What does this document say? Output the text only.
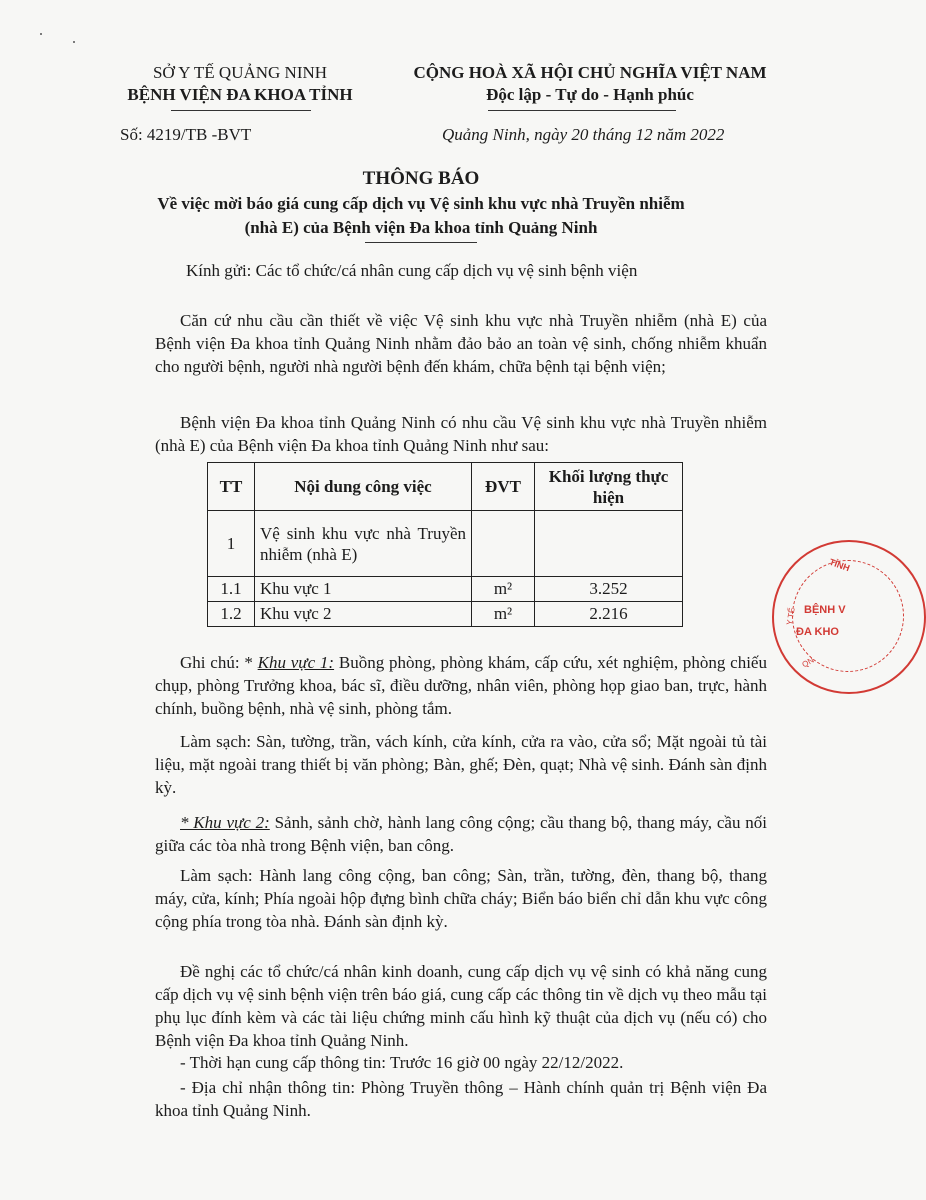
SỞ Y TẾ QUẢNG NINH
BỆNH VIỆN ĐA KHOA TỈNH
CỘNG HOÀ XÃ HỘI CHỦ NGHĨA VIỆT NAM
Độc lập - Tự do - Hạnh phúc
Số: 4219/TB -BVT	Quảng Ninh, ngày 20 tháng 12 năm 2022
THÔNG BÁO
Về việc mời báo giá cung cấp dịch vụ Vệ sinh khu vực nhà Truyền nhiễm
(nhà E) của Bệnh viện Đa khoa tỉnh Quảng Ninh
Kính gửi: Các tổ chức/cá nhân cung cấp dịch vụ vệ sinh bệnh viện
Căn cứ nhu cầu cần thiết về việc Vệ sinh khu vực nhà Truyền nhiễm (nhà E) của Bệnh viện Đa khoa tỉnh Quảng Ninh nhằm đảo bảo an toàn vệ sinh, chống nhiễm khuẩn cho người bệnh, người nhà người bệnh đến khám, chữa bệnh tại bệnh viện;
Bệnh viện Đa khoa tỉnh Quảng Ninh có nhu cầu Vệ sinh khu vực nhà Truyền nhiễm (nhà E) của Bệnh viện Đa khoa tỉnh Quảng Ninh như sau:
TT	Nội dung công việc	ĐVT	Khối lượng thực hiện
1	Vệ sinh khu vực nhà Truyền nhiễm (nhà E)		
1.1	Khu vực 1	m²	3.252
1.2	Khu vực 2	m²	2.216
Ghi chú: * Khu vực 1: Buồng phòng, phòng khám, cấp cứu, xét nghiệm, phòng chiếu chụp, phòng Trưởng khoa, bác sĩ, điều dưỡng, nhân viên, phòng họp giao ban, trực, hành chính, buồng bệnh, nhà vệ sinh, phòng tắm.
Làm sạch: Sàn, tường, trần, vách kính, cửa kính, cửa ra vào, cửa sổ; Mặt ngoài tủ tài liệu, mặt ngoài trang thiết bị văn phòng; Bàn, ghế; Đèn, quạt; Nhà vệ sinh. Đánh sàn định kỳ.
* Khu vực 2: Sảnh, sảnh chờ, hành lang công cộng; cầu thang bộ, thang máy, cầu nối giữa các tòa nhà trong Bệnh viện, ban công.
Làm sạch: Hành lang công cộng, ban công; Sàn, trần, tường, đèn, thang bộ, thang máy, cửa, kính; Phía ngoài hộp đựng bình chữa cháy; Biển báo biển chỉ dẫn khu vực công cộng phía trong tòa nhà. Đánh sàn định kỳ.
Đề nghị các tổ chức/cá nhân kinh doanh, cung cấp dịch vụ vệ sinh có khả năng cung cấp dịch vụ vệ sinh bệnh viện trên báo giá, cung cấp các thông tin về dịch vụ theo mẫu tại phụ lục đính kèm và các tài liệu chứng minh cấu hình kỹ thuật của dịch vụ (nếu có) cho Bệnh viện Đa khoa tỉnh Quảng Ninh.
- Thời hạn cung cấp thông tin: Trước 16 giờ 00 ngày 22/12/2022.
- Địa chỉ nhận thông tin: Phòng Truyền thông – Hành chính quản trị Bệnh viện Đa khoa tỉnh Quảng Ninh.
TỈNH
BỆNH V
ĐA KHO
Y TẾ
QN
